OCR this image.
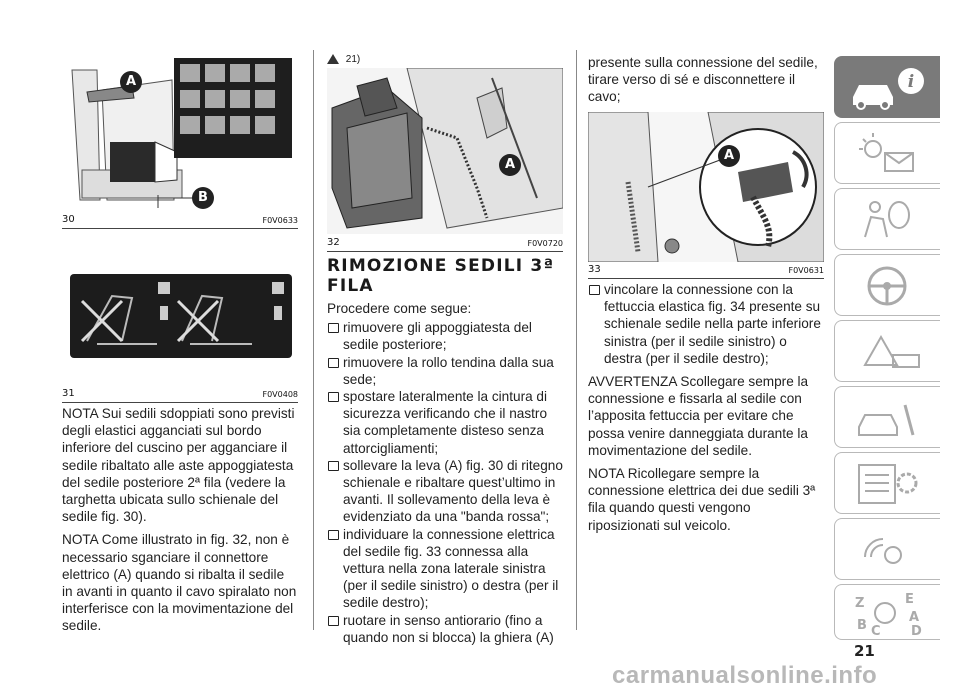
A
B
30	F0V0633
31	F0V0408

NOTA Sui sedili sdoppiati sono previsti degli elastici agganciati sul bordo inferiore del cuscino per agganciare il sedile ribaltato alle aste appoggiatesta del sedile posteriore 2ª fila (vedere la targhetta ubicata sullo schienale del sedile fig. 30).

NOTA Come illustrato in fig. 32, non è necessario sganciare il connettore elettrico (A) quando si ribalta il sedile in avanti in quanto il cavo spiralato non interferisce con la movimentazione del sedile.

21)
A
32	F0V0720
RIMOZIONE SEDILI 3ª
FILA

Procedere come segue:

rimuovere gli appoggiatesta del sedile posteriore;
rimuovere la rollo tendina dalla sua sede;
spostare lateralmente la cintura di sicurezza verificando che il nastro sia completamente disteso senza attorcigliamenti;
sollevare la leva (A) fig. 30 di ritegno schienale e ribaltare quest’ultimo in avanti. Il sollevamento della leva è evidenziato da una "banda rossa";
individuare la connessione elettrica del sedile fig. 33 connessa alla vettura nella zona laterale sinistra (per il sedile sinistro) o destra (per il sedile destro);
ruotare in senso antiorario (fino a quando non si blocca) la ghiera (A)

presente sulla connessione del sedile, tirare verso di sé e disconnettere il cavo;

A
33	F0V0631
vincolare la connessione con la fettuccia elastica fig. 34 presente su schienale sedile nella parte inferiore sinistra (per il sedile sinistro) o destra (per il sedile destro);

AVVERTENZA Scollegare sempre la connessione e fissarla al sedile con l’apposita fettuccia per evitare che possa venire danneggiata durante la movimentazione del sedile.

NOTA Ricollegare sempre la connessione elettrica dei due sedili 3ª fila quando questi vengono riposizionati sul veicolo.

i
Z	E
B
A
D
C
21
carmanualsonline.info
